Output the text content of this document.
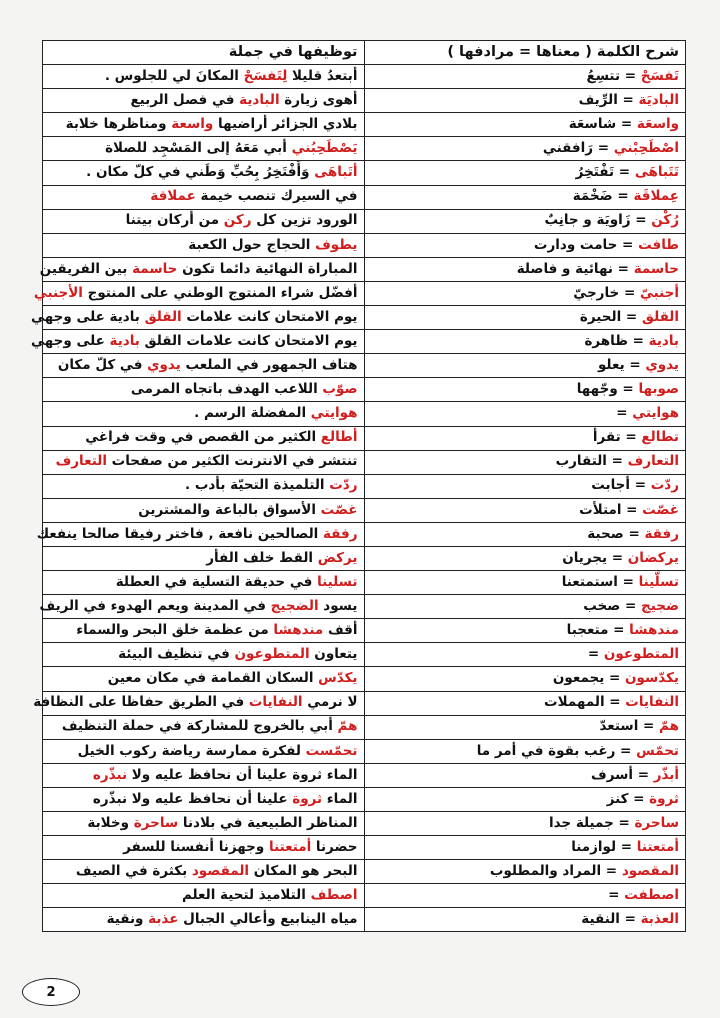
شرح الكلمة ( معناها = مرادفها )	توظيفها في جملة
تَفسَحْ = تتسِعُ	أبتعدُ قليلا لِتَفسَحْ المكانَ لي للجلوس .
الباديَة = الرِّيف	أهوى زيارة البادية في فصل الربيع
واسعَة = شاسعَة	بلادي الجزائر أراضيها واسعة ومناظرها خلابة
اصْطَحِبْني = رَافقني	يَصْطَحِبُني أبي مَعَهُ إلى المَسْجِد للصلاة
تَتَباهَى = تَفْتَخِرُ	أتَباهَى وَأَفْتَخِرُ بِحُبِّ وَطَني في كلّ مكان .
عِملاقَة = ضَخْمَة	في السيرك تنصب خيمة عملاقة
رُكْن = زَاويَة و جانِبٌ	الورود تزين كل ركن من أركان بيتنا
طافت = حامت ودارت	يطوف الحجاج حول الكعبة
حاسمة = نهائية و فاصلة	المباراة النهائية دائما تكون حاسمة بين الفريقين
أجنبيّ = خارجيّ	أفضّل شراء المنتوج الوطني على المنتوج الأجنبي
القلق = الحيرة	يوم الامتحان كانت علامات القلق بادية على وجهي
بادية = ظاهرة	يوم الامتحان كانت علامات القلق بادية على وجهي
يدوي = يعلو	هتاف الجمهور في الملعب يدوي في كلّ مكان
صوبها = وجّهها	صوّب اللاعب الهدف باتجاه المرمى
هوايتي =	هوايتي المفضلة الرسم .
تطالع = تقرأ	أطالع الكثير من القصص في وقت فراغي
التعارف = التقارب	تنتشر في الانترنت الكثير من صفحات التعارف
ردّت = أجابت	ردّت التلميذة التحيّة بأدب .
غصّت = امتلأت	غصّت الأسواق بالباعة والمشترين
رفقة = صحبة	رفقة الصالحين نافعة , فاختر رفيقا صالحا ينفعك
يركضان = يجريان	يركض القط خلف الفأر
تسلّينا = استمتعنا	تسلينا في حديقة التسلية في العطلة
ضجيج = صخب	يسود الضجيج في المدينة ويعم الهدوء في الريف
مندهشا = متعجبا	أقف مندهشا من عظمة خلق البحر والسماء
المتطوعون =	يتعاون المتطوعون في تنظيف البيئة
يكدّسون = يجمعون	يكدّس السكان القمامة في مكان معين
النفايات = المهملات	لا نرمي النفايات في الطريق حفاظا على النظافة
همّ = استعدّ	همّ أبي بالخروج للمشاركة في حملة التنظيف
تحمّس = رغب بقوة في أمر ما	تحمّست لفكرة ممارسة رياضة ركوب الخيل
أبذّر = أسرف	الماء ثروة علينا أن نحافظ عليه ولا نبذّره
ثروة = كنز	الماء ثروة علينا أن نحافظ عليه ولا نبذّره
ساحرة = جميلة جدا	المناظر الطبيعية في بلادنا ساحرة وخلابة
أمتعتنا = لوازمنا	حضرنا أمتعتنا وجهزنا أنفسنا للسفر
المقصود = المراد والمطلوب	البحر هو المكان المقصود بكثرة في الصيف
اصطفت =	اصطف التلاميذ لتحية العلم
العذبة = النقية	مياه الينابيع وأعالي الجبال عذبة ونقية
2
